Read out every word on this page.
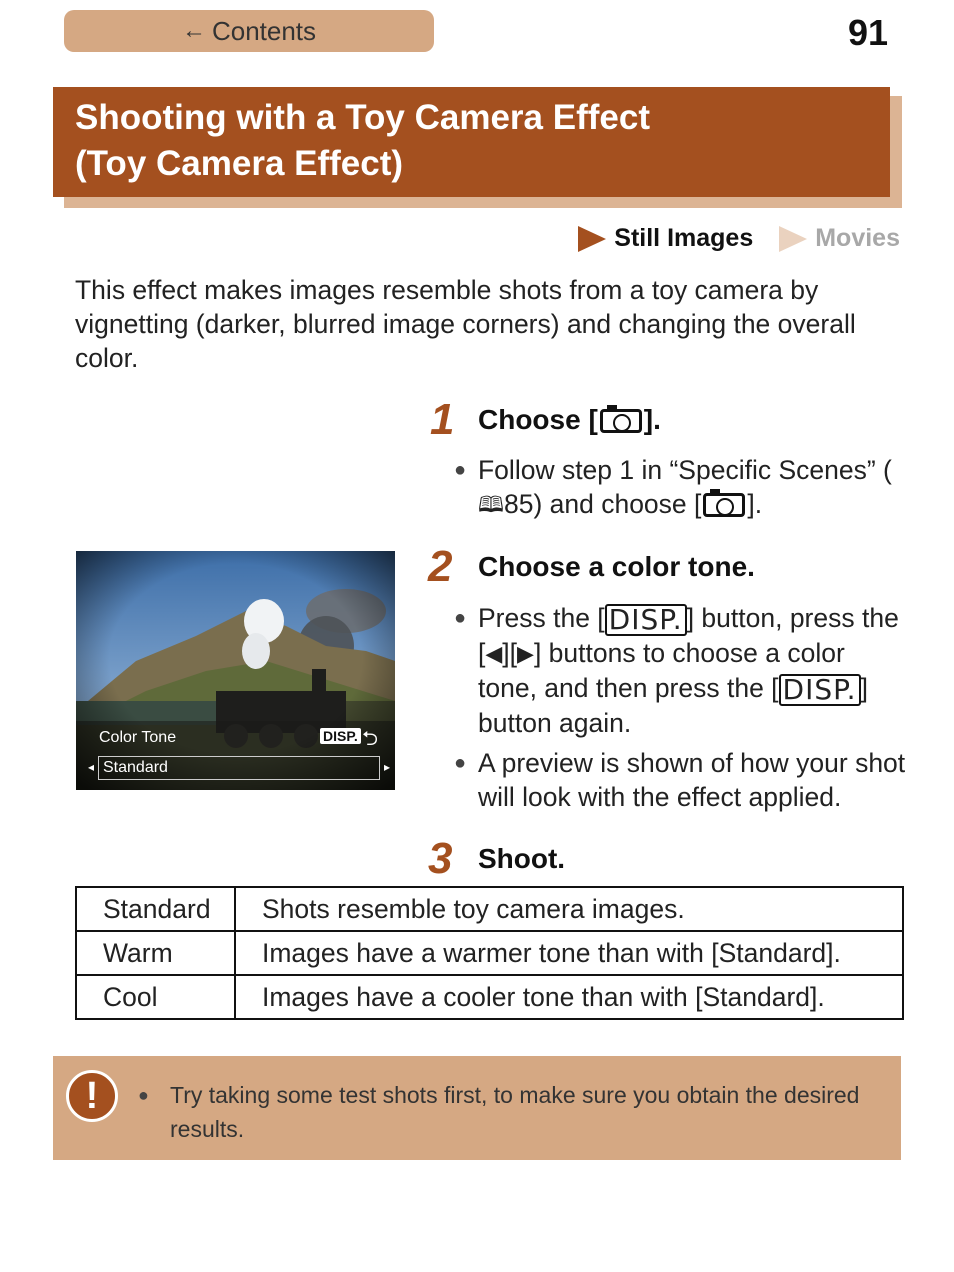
← Contents	91
Shooting with a Toy Camera Effect
(Toy Camera Effect)
Still Images Movies
This effect makes images resemble shots from a toy camera by vignetting (darker, blurred image corners) and changing the overall color.
1 Choose [ ].
● Follow step 1 in “Specific Scenes” (🕮85) and choose [ ].
2 Choose a color tone.
● Press the [ DISP. ] button, press the [◀][▶] buttons to choose a color tone, and then press the [ DISP. ] button again.
● A preview is shown of how your shot will look with the effect applied.
3 Shoot.
Color Tone	DISP. ⮌
◂ Standard	▸
Standard	Shots resemble toy camera images.
Warm	Images have a warmer tone than with [Standard].
Cool	Images have a cooler tone than with [Standard].
!	● Try taking some test shots first, to make sure you obtain the desired results.
